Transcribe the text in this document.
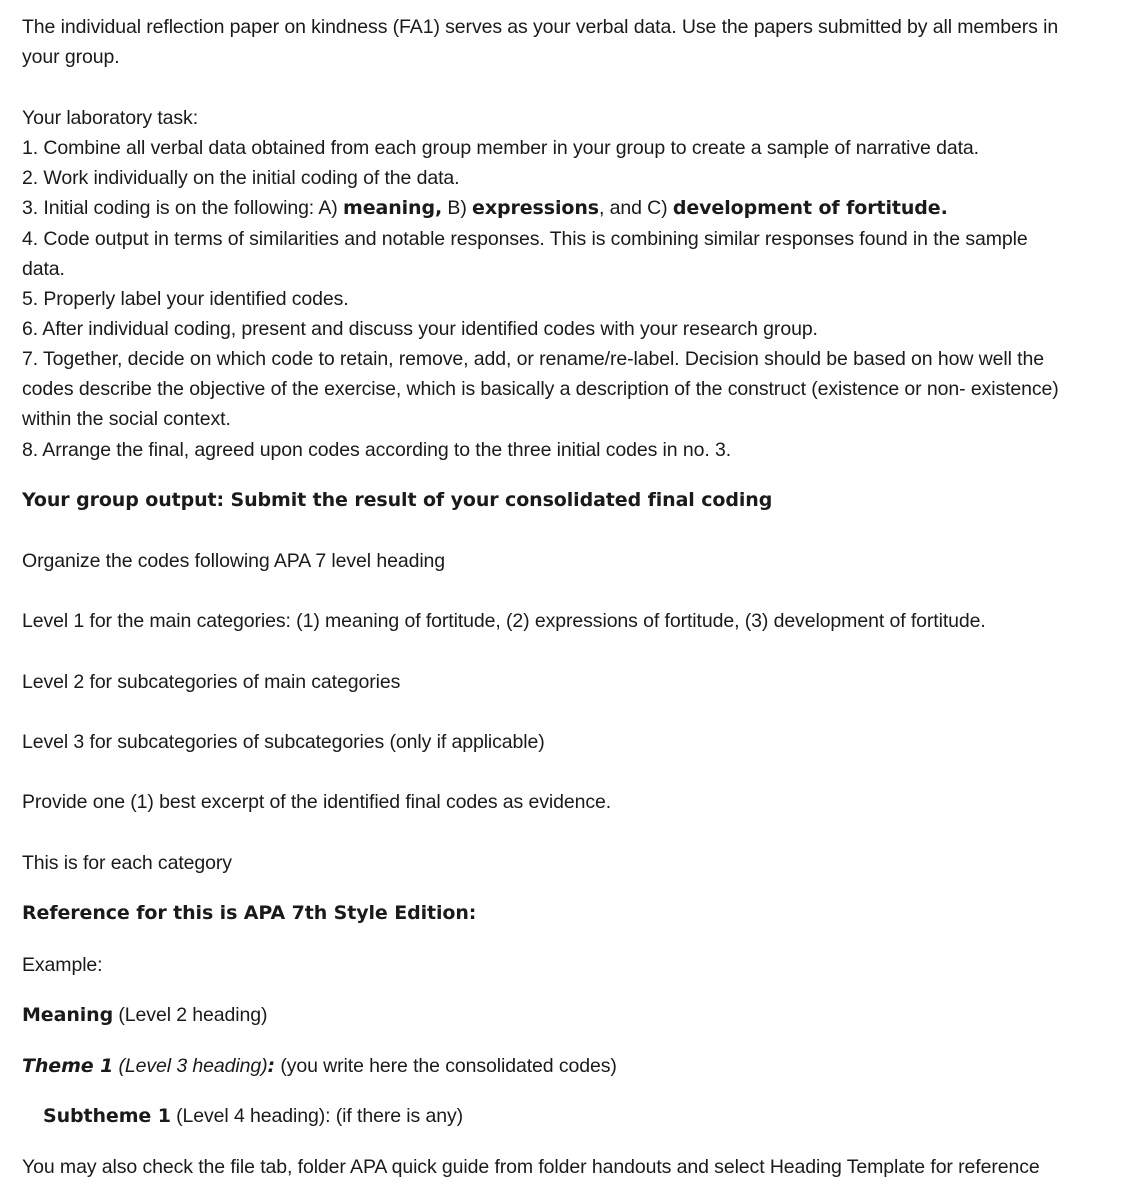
The individual reflection paper on kindness (FA1) serves as your verbal data. Use the papers submitted by all members in
your group.
Your laboratory task:
1. Combine all verbal data obtained from each group member in your group to create a sample of narrative data.
2. Work individually on the initial coding of the data.
3. Initial coding is on the following: A) meaning, B) expressions, and C) development of fortitude.
4. Code output in terms of similarities and notable responses. This is combining similar responses found in the sample
data.
5. Properly label your identified codes.
6. After individual coding, present and discuss your identified codes with your research group.
7. Together, decide on which code to retain, remove, add, or rename/re-label. Decision should be based on how well the
codes describe the objective of the exercise, which is basically a description of the construct (existence or non- existence)
within the social context.
8. Arrange the final, agreed upon codes according to the three initial codes in no. 3.
Your group output: Submit the result of your consolidated final coding
Organize the codes following APA 7 level heading
Level 1 for the main categories: (1) meaning of fortitude, (2) expressions of fortitude, (3) development of fortitude.
Level 2 for subcategories of main categories
Level 3 for subcategories of subcategories (only if applicable)
Provide one (1) best excerpt of the identified final codes as evidence.
This is for each category
Reference for this is APA 7th Style Edition:
Example:
Meaning (Level 2 heading)
Theme 1 (Level 3 heading): (you write here the consolidated codes)
Subtheme 1 (Level 4 heading): (if there is any)
You may also check the file tab, folder APA quick guide from folder handouts and select Heading Template for reference
